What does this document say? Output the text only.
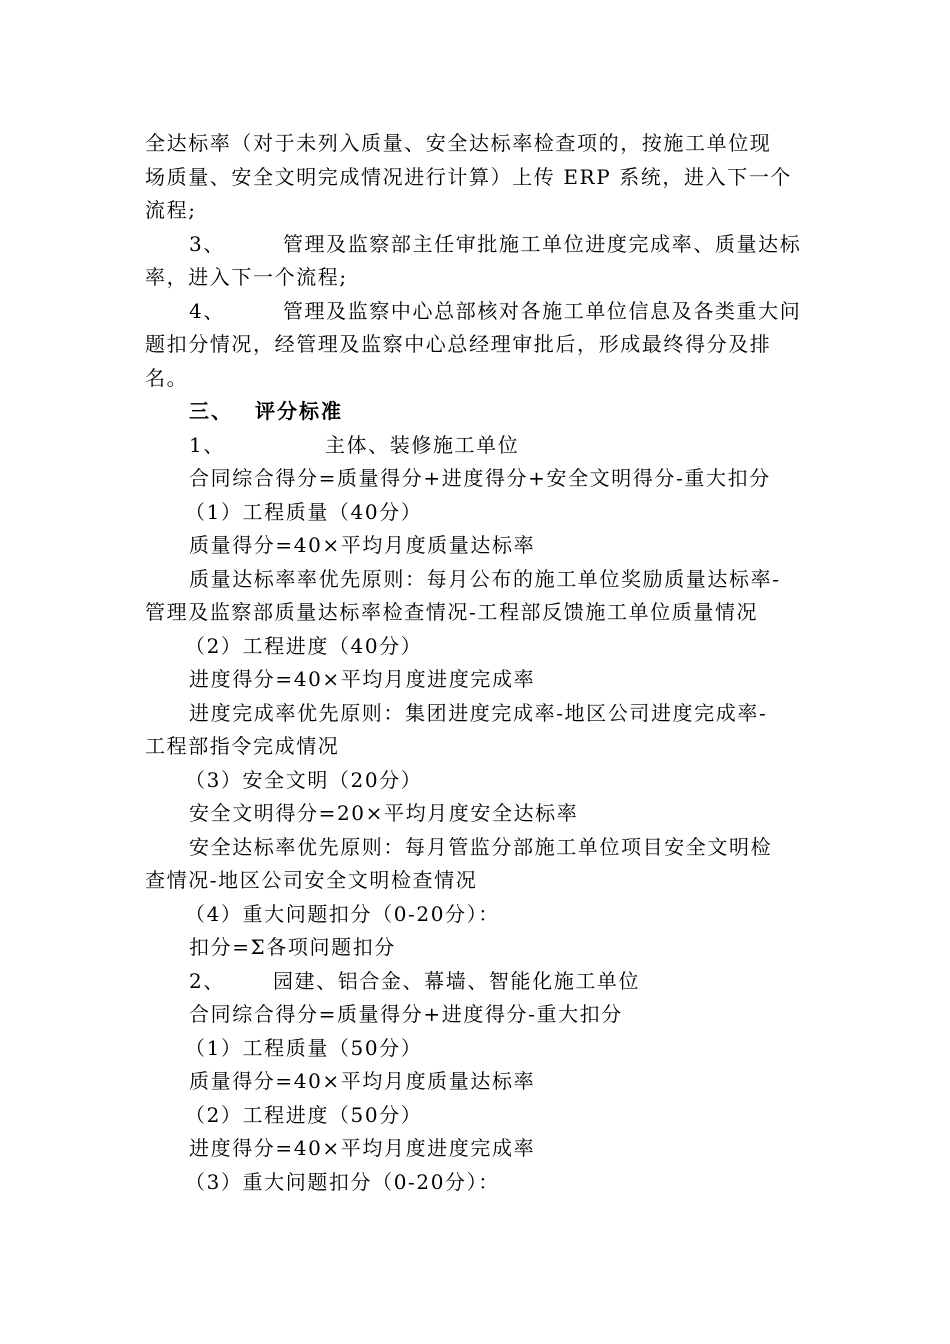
全达标率（对于未列入质量、安全达标率检查项的，按施工单位现
场质量、安全文明完成情况进行计算）上传 ERP 系统，进入下一个
流程;
3、	管理及监察部主任审批施工单位进度完成率、质量达标
率，进入下一个流程;
4、	管理及监察中心总部核对各施工单位信息及各类重大问
题扣分情况，经管理及监察中心总经理审批后，形成最终得分及排
名。
三、 评分标准
1、	主体、装修施工单位
合同综合得分=质量得分+进度得分+安全文明得分-重大扣分
（1）工程质量（40分）
质量得分=40×平均月度质量达标率
质量达标率率优先原则：每月公布的施工单位奖励质量达标率-
管理及监察部质量达标率检查情况-工程部反馈施工单位质量情况
（2）工程进度（40分）
进度得分=40×平均月度进度完成率
进度完成率优先原则：集团进度完成率-地区公司进度完成率-
工程部指令完成情况
（3）安全文明（20分）
安全文明得分=20×平均月度安全达标率
安全达标率优先原则：每月管监分部施工单位项目安全文明检
查情况-地区公司安全文明检查情况
（4）重大问题扣分（0-20分）：
扣分=Σ各项问题扣分
2、 园建、铝合金、幕墙、智能化施工单位
合同综合得分=质量得分+进度得分-重大扣分
（1）工程质量（50分）
质量得分=40×平均月度质量达标率
（2）工程进度（50分）
进度得分=40×平均月度进度完成率
（3）重大问题扣分（0-20分）：
